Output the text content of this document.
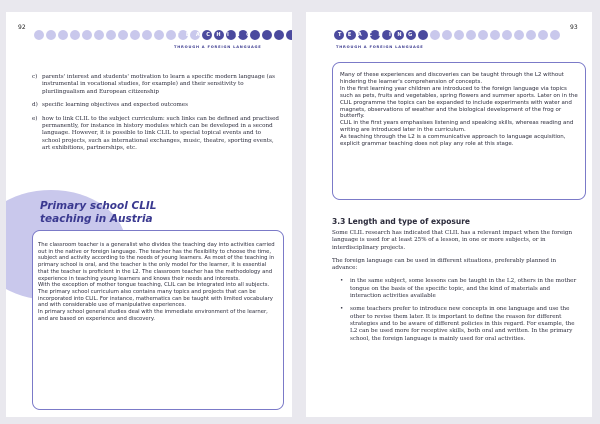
92
TEACHING
THROUGH A FOREIGN LANGUAGE
c) parents' interest and students' motivation to learn a specific modern language (as instrumental in vocational studies, for example) and their sensitivity to plurilingualism and European citizenship
d) specific learning objectives and expected outcomes
e) how to link CLIL to the subject curriculum: such links can be defined and practised permanently, for instance in history modules which can be developed in a second language. However, it is possible to link CLIL to special topical events and to school projects, such as international exchanges, music, theatre, sporting events, art exhibitions, partnerships, etc.
Primary school CLIL
teaching in Austria

The classroom teacher is a generalist who divides the teaching day into activities carried out in the native or foreign language. The teacher has the flexibility to choose the time, subject and activity according to the needs of young learners. As most of the teaching in primary school is oral, and the teacher is the only model for the learner, it is essential that the teacher is proficient in the L2. The classroom teacher has the methodology and experience in teaching young learners and knows their needs and interests.

With the exception of mother tongue teaching, CLIL can be integrated into all subjects. The primary school curriculum also contains many topics and projects that can be incorporated into CLIL. For instance, mathematics can be taught with limited vocabulary and with considerable use of manipulative experiences.

In primary school general studies deal with the immediate environment of the learner, and are based on experience and discovery.

93
TEACHING
THROUGH A FOREIGN LANGUAGE

Many of these experiences and discoveries can be taught through the L2 without hindering the learner's comprehension of concepts.

In the first learning year children are introduced to the foreign language via topics such as pets, fruits and vegetables, spring flowers and summer sports. Later on in the CLIL programme the topics can be expanded to include experiments with water and magnets, observations of weather and the biological development of the frog or butterfly.

CLIL in the first years emphasises listening and speaking skills, whereas reading and writing are introduced later in the curriculum.

As teaching through the L2 is a communicative approach to language acquisition, explicit grammar teaching does not play any role at this stage.

3.3 Length and type of exposure

Some CLIL research has indicated that CLIL has a relevant impact when the foreign language is used for at least 25% of a lesson, in one or more subjects, or in interdisciplinary projects.

The foreign language can be used in different situations, preferably planned in advance:

•	in the same subject, some lessons can be taught in the L2, others in the mother tongue on the basis of the specific topic, and the kind of materials and interaction activities available
•	some teachers prefer to introduce new concepts in one language and use the other to revise them later. It is important to define the reason for different strategies and to be aware of different policies in this regard. For example, the L2 can be used more for receptive skills, both oral and written. In the primary school, the foreign language is mainly used for oral activities.
